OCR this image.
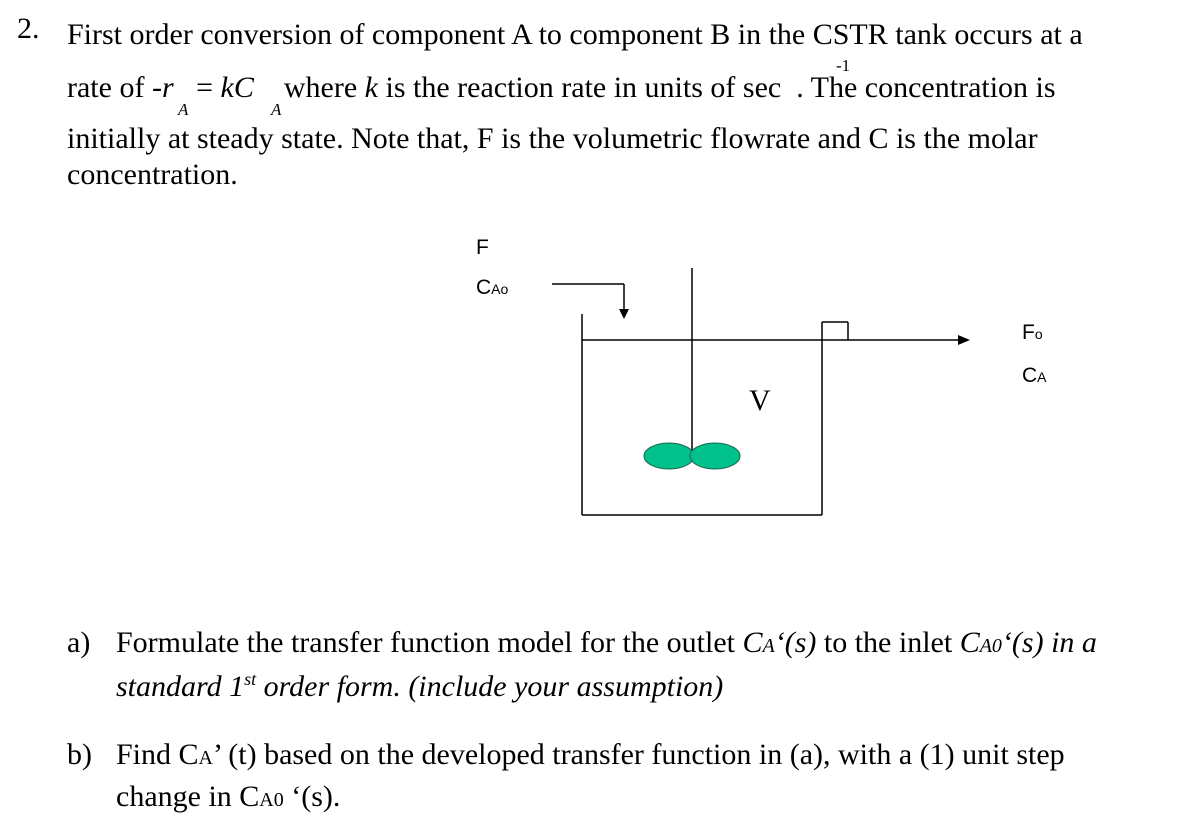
2. First order conversion of component A to component B in the CSTR tank occurs at a
rate of -r = kC where k is the reaction rate in units of sec . The concentration is
A	A
-1
initially at steady state. Note that, F is the volumetric flowrate and C is the molar
concentration.
F
CAo
V
Fo
CA
a) Formulate the transfer function model for the outlet CA‘(s) to the inlet CA0‘(s) in a
standard 1st order form. (include your assumption)
b) Find CA’ (t) based on the developed transfer function in (a), with a (1) unit step
change in CA0 ‘(s).
